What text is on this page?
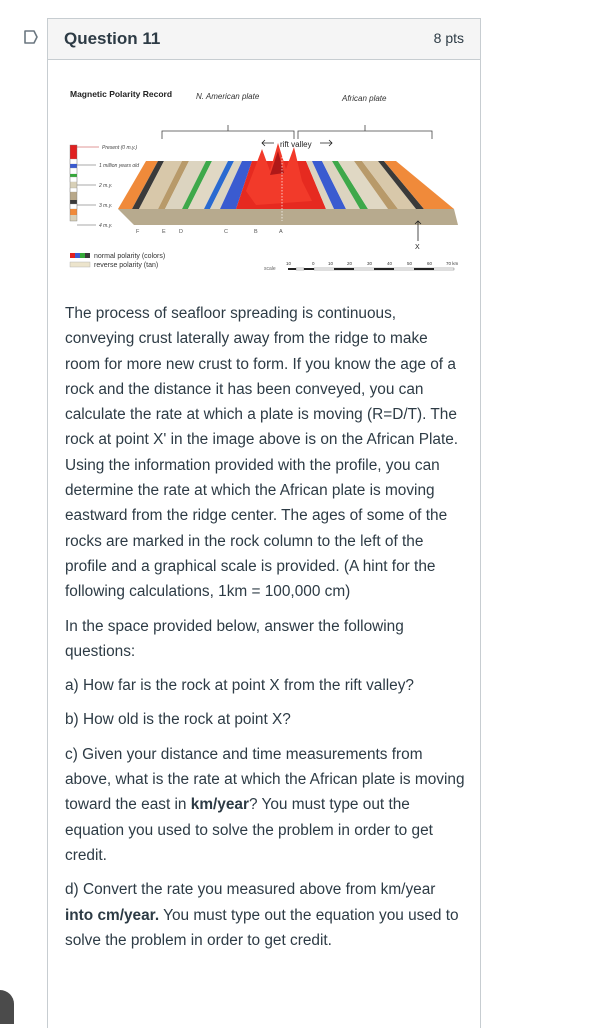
Question 11	8 pts
Magnetic Polarity Record	N. American plate	African plate
rift valley
Present (0 m.y.)
1 million years old
2 m.y.
3 m.y.
4 m.y.
F	E D	C	B	A
X
normal polarity (colors)
reverse polarity (tan)	scale
10	0	10	20	30	40	50	60	70 km

The process of seafloor spreading is continuous, conveying crust laterally away from the ridge to make room for more new crust to form. If you know the age of a rock and the distance it has been conveyed, you can calculate the rate at which a plate is moving (R=D/T). The rock at point X' in the image above is on the African Plate. Using the information provided with the profile, you can determine the rate at which the African plate is moving eastward from the ridge center. The ages of some of the rocks are marked in the rock column to the left of the profile and a graphical scale is provided. (A hint for the following calculations, 1km = 100,000 cm)

In the space provided below, answer the following questions:

a) How far is the rock at point X from the rift valley?

b) How old is the rock at point X?

c) Given your distance and time measurements from above, what is the rate at which the African plate is moving toward the east in km/year? You must type out the equation you used to solve the problem in order to get credit.

d) Convert the rate you measured above from km/year into cm/year. You must type out the equation you used to solve the problem in order to get credit.
